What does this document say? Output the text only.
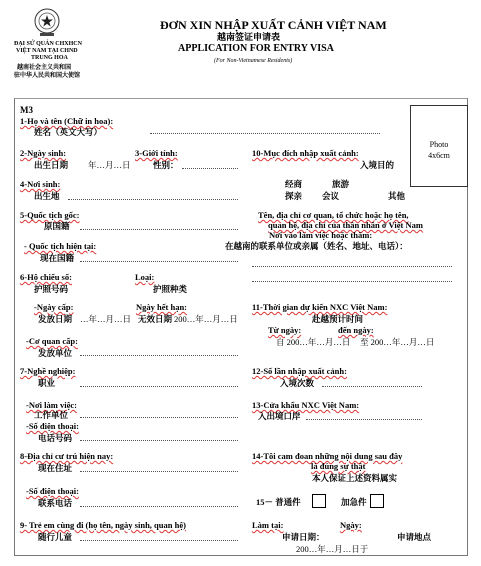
ĐẠI SỨ QUÁN CHXHCN
VIỆT NAM TẠI CHND
TRUNG HOA
越南社会主义共和国
驻中华人民共和国大使馆
ĐƠN XIN NHẬP XUẤT CẢNH VIỆT NAM
越南签证申请表
APPLICATION FOR ENTRY VISA
(For Non-Vietnamese Residents)
Photo
4x6cm
M3
1-Họ và tên (Chữ in hoa):
姓名（英文大写）
2-Ngày sinh:
出生日期 年…月…日
3-Giới tính:
性别：
10-Mục đích nhập xuất cảnh:
入境目的
经商	旅游
探亲 会议	其他
4-Nơi sinh:
出生地
5-Quốc tịch gốc:
原国籍
Tên, địa chỉ cơ quan, tổ chức hoặc họ tên,
quan hệ, địa chỉ của thân nhân ở Việt Nam
Nơi vào làm việc hoặc thăm:
在越南的联系单位或亲属（姓名、地址、电话）：
- Quốc tịch hiện tại:
现在国籍
6-Hộ chiếu số:
护照号码
Loại:
护照种类
-Ngày cấp:
发放日期 …年…月…日
Ngày hết hạn:
无效日期 200…年…月…日
-Cơ quan cấp:
发放单位
11-Thời gian dự kiến NXC Việt Nam:
赴越预计时间
Từ ngày:	đến ngày:
自 200…年…月…日 至 200…年…月…日
7-Nghề nghiệp:
职业
12-Số lần nhập xuất cảnh:
入境次数
-Nơi làm việc:
工作单位
-Số điện thoại:
电话号码
13-Cửa khẩu NXC Việt Nam:
入出境口岸
8-Địa chỉ cư trú hiện nay:
现在住址
14-Tôi cam đoan những nội dung sau đây
là đúng sự thật
本人保证上述资料属实
-Số điện thoại:
联系电话	15－ 普通件	加急件
9- Trẻ em cùng đi (họ tên, ngày sinh, quan hệ)
随行儿童
Làm tại:	Ngày:
申请日期：	申请地点
200…年…月…日于
